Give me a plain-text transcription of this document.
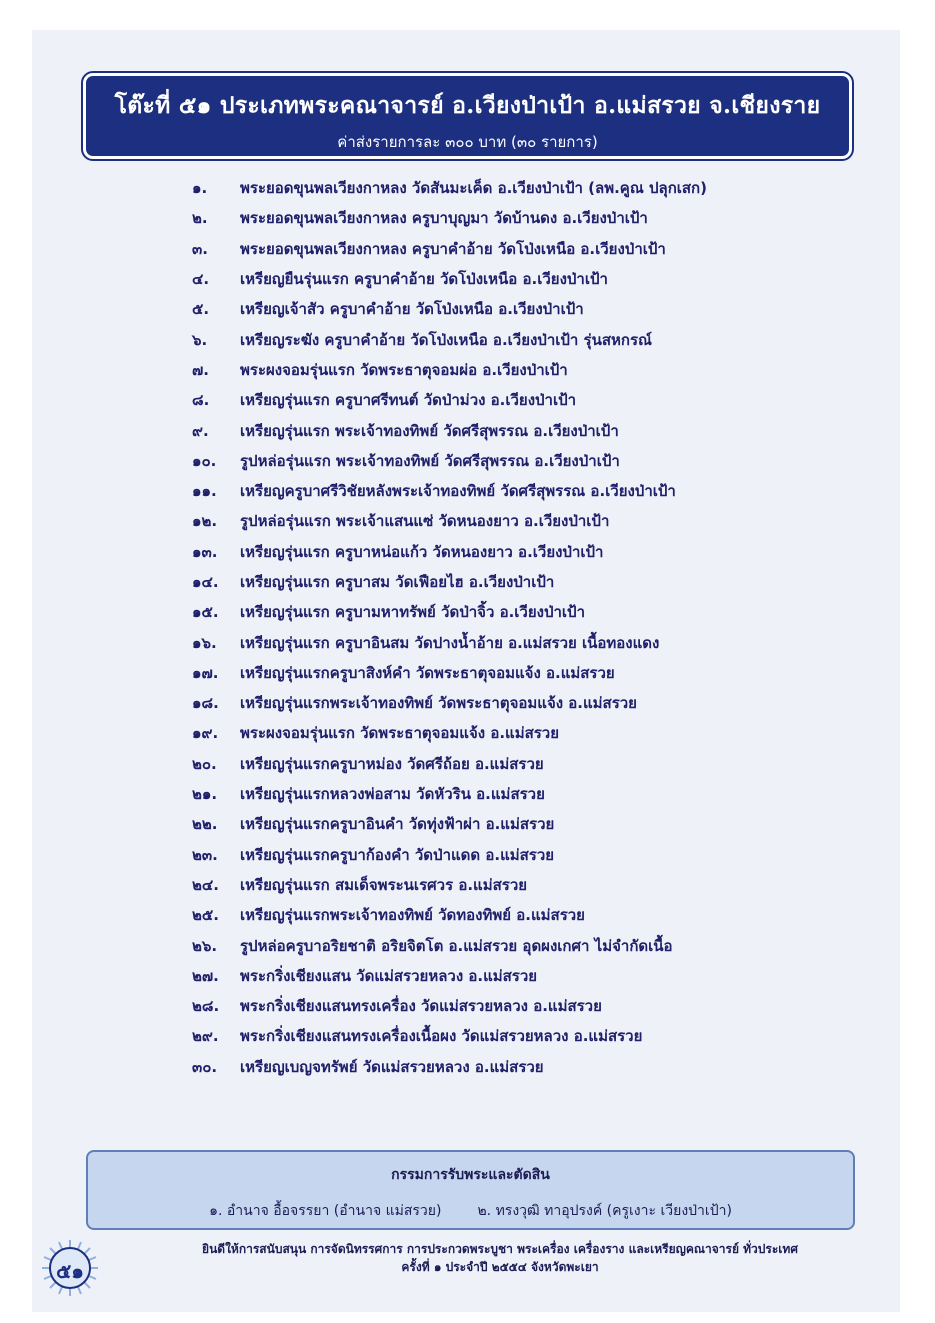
โต๊ะที่ ๕๑ ประเภทพระคณาจารย์ อ.เวียงป่าเป้า อ.แม่สรวย จ.เชียงราย
ค่าส่งรายการละ ๓๐๐ บาท (๓๐ รายการ)
๑.	พระยอดขุนพลเวียงกาหลง วัดสันมะเค็ด อ.เวียงป่าเป้า (ลพ.คูณ ปลุกเสก)
๒.	พระยอดขุนพลเวียงกาหลง ครูบาบุญมา วัดบ้านดง อ.เวียงป่าเป้า
๓.	พระยอดขุนพลเวียงกาหลง ครูบาคำอ้าย วัดโป่งเหนือ อ.เวียงป่าเป้า
๔.	เหรียญยืนรุ่นแรก ครูบาคำอ้าย วัดโป่งเหนือ อ.เวียงป่าเป้า
๕.	เหรียญเจ้าสัว ครูบาคำอ้าย วัดโป่งเหนือ อ.เวียงป่าเป้า
๖.	เหรียญระฆัง ครูบาคำอ้าย วัดโป่งเหนือ อ.เวียงป่าเป้า รุ่นสหกรณ์
๗.	พระผงจอมรุ่นแรก วัดพระธาตุจอมผ่อ อ.เวียงป่าเป้า
๘.	เหรียญรุ่นแรก ครูบาศรีทนต์ วัดป่าม่วง อ.เวียงป่าเป้า
๙.	เหรียญรุ่นแรก พระเจ้าทองทิพย์ วัดศรีสุพรรณ อ.เวียงป่าเป้า
๑๐.	รูปหล่อรุ่นแรก พระเจ้าทองทิพย์ วัดศรีสุพรรณ อ.เวียงป่าเป้า
๑๑.	เหรียญครูบาศรีวิชัยหลังพระเจ้าทองทิพย์ วัดศรีสุพรรณ อ.เวียงป่าเป้า
๑๒.	รูปหล่อรุ่นแรก พระเจ้าแสนแซ่ วัดหนองยาว อ.เวียงป่าเป้า
๑๓.	เหรียญรุ่นแรก ครูบาหน่อแก้ว วัดหนองยาว อ.เวียงป่าเป้า
๑๔.	เหรียญรุ่นแรก ครูบาสม วัดเฟือยไฮ อ.เวียงป่าเป้า
๑๕.	เหรียญรุ่นแรก ครูบามหาทรัพย์ วัดป่าจิ้ว อ.เวียงป่าเป้า
๑๖.	เหรียญรุ่นแรก ครูบาอินสม วัดปางน้ำอ้าย อ.แม่สรวย เนื้อทองแดง
๑๗.	เหรียญรุ่นแรกครูบาสิงห์คำ วัดพระธาตุจอมแจ้ง อ.แม่สรวย
๑๘.	เหรียญรุ่นแรกพระเจ้าทองทิพย์ วัดพระธาตุจอมแจ้ง อ.แม่สรวย
๑๙.	พระผงจอมรุ่นแรก วัดพระธาตุจอมแจ้ง อ.แม่สรวย
๒๐.	เหรียญรุ่นแรกครูบาหม่อง วัดศรีถ้อย อ.แม่สรวย
๒๑.	เหรียญรุ่นแรกหลวงพ่อสาม วัดหัวริน อ.แม่สรวย
๒๒.	เหรียญรุ่นแรกครูบาอินคำ วัดทุ่งฟ้าผ่า อ.แม่สรวย
๒๓.	เหรียญรุ่นแรกครูบาก้องคำ วัดป่าแดด อ.แม่สรวย
๒๔.	เหรียญรุ่นแรก สมเด็จพระนเรศวร อ.แม่สรวย
๒๕.	เหรียญรุ่นแรกพระเจ้าทองทิพย์ วัดทองทิพย์ อ.แม่สรวย
๒๖.	รูปหล่อครูบาอริยชาติ อริยจิตโต อ.แม่สรวย อุดผงเกศา ไม่จำกัดเนื้อ
๒๗.	พระกริ่งเชียงแสน วัดแม่สรวยหลวง อ.แม่สรวย
๒๘.	พระกริ่งเชียงแสนทรงเครื่อง วัดแม่สรวยหลวง อ.แม่สรวย
๒๙.	พระกริ่งเชียงแสนทรงเครื่องเนื้อผง วัดแม่สรวยหลวง อ.แม่สรวย
๓๐.	เหรียญเบญจทรัพย์ วัดแม่สรวยหลวง อ.แม่สรวย
กรรมการรับพระและตัดสิน
๑. อำนาจ อื้อจรรยา (อำนาจ แม่สรวย)	๒. ทรงวุฒิ ทาอุปรงค์ (ครูเงาะ เวียงป่าเป้า)
ยินดีให้การสนับสนุน การจัดนิทรรศการ การประกวดพระบูชา พระเครื่อง เครื่องราง และเหรียญคณาจารย์ ทั่วประเทศ
ครั้งที่ ๑ ประจำปี ๒๕๕๔ จังหวัดพะเยา
๕๑
